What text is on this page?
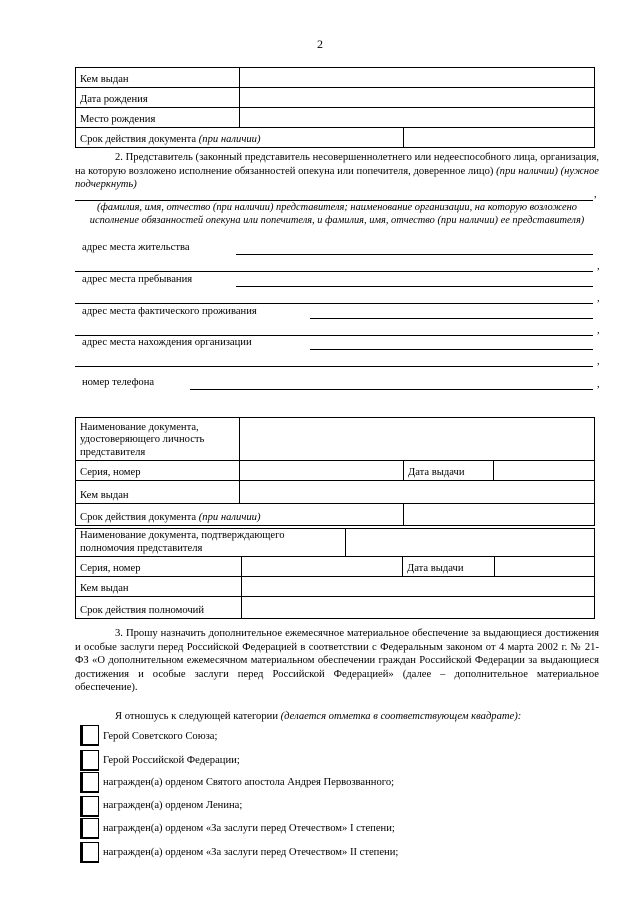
2
Кем выдан		
Дата рождения		
Место рождения		
Срок действия документа (при наличии)		

2. Представитель (законный представитель несовершеннолетнего или недееспособного лица, организация, на которую возложено исполнение обязанностей опекуна или попечителя, доверенное лицо) (при наличии) (нужное подчеркнуть)

,
(фамилия, имя, отчество (при наличии) представителя; наименование организации, на которую возложено исполнение обязанностей опекуна или попечителя, и фамилия, имя, отчество (при наличии) ее представителя)
адрес места жительства
,
адрес места пребывания
,
адрес места фактического проживания
,
адрес места нахождения организации
,
номер телефона	,
Наименование документа, удостоверяющего личность представителя			
Серия, номер		Дата выдачи	
Кем выдан			
Срок действия документа (при наличии)			
Наименование документа, подтверждающего полномочия представителя				
Серия, номер			Дата выдачи	
Кем выдан				
Срок действия полномочий				

3. Прошу назначить дополнительное ежемесячное материальное обеспечение за выдающиеся достижения и особые заслуги перед Российской Федерацией в соответствии с Федеральным законом от 4 марта 2002 г. № 21-ФЗ «О дополнительном ежемесячном материальном обеспечении граждан Российской Федерации за выдающиеся достижения и особые заслуги перед Российской Федерацией» (далее – дополнительное материальное обеспечение).

Я отношусь к следующей категории (делается отметка в соответствующем квадрате):

Герой Советского Союза;
Герой Российской Федерации;
награжден(а) орденом Святого апостола Андрея Первозванного;
награжден(а) орденом Ленина;
награжден(а) орденом «За заслуги перед Отечеством» I степени;
награжден(а) орденом «За заслуги перед Отечеством» II степени;
